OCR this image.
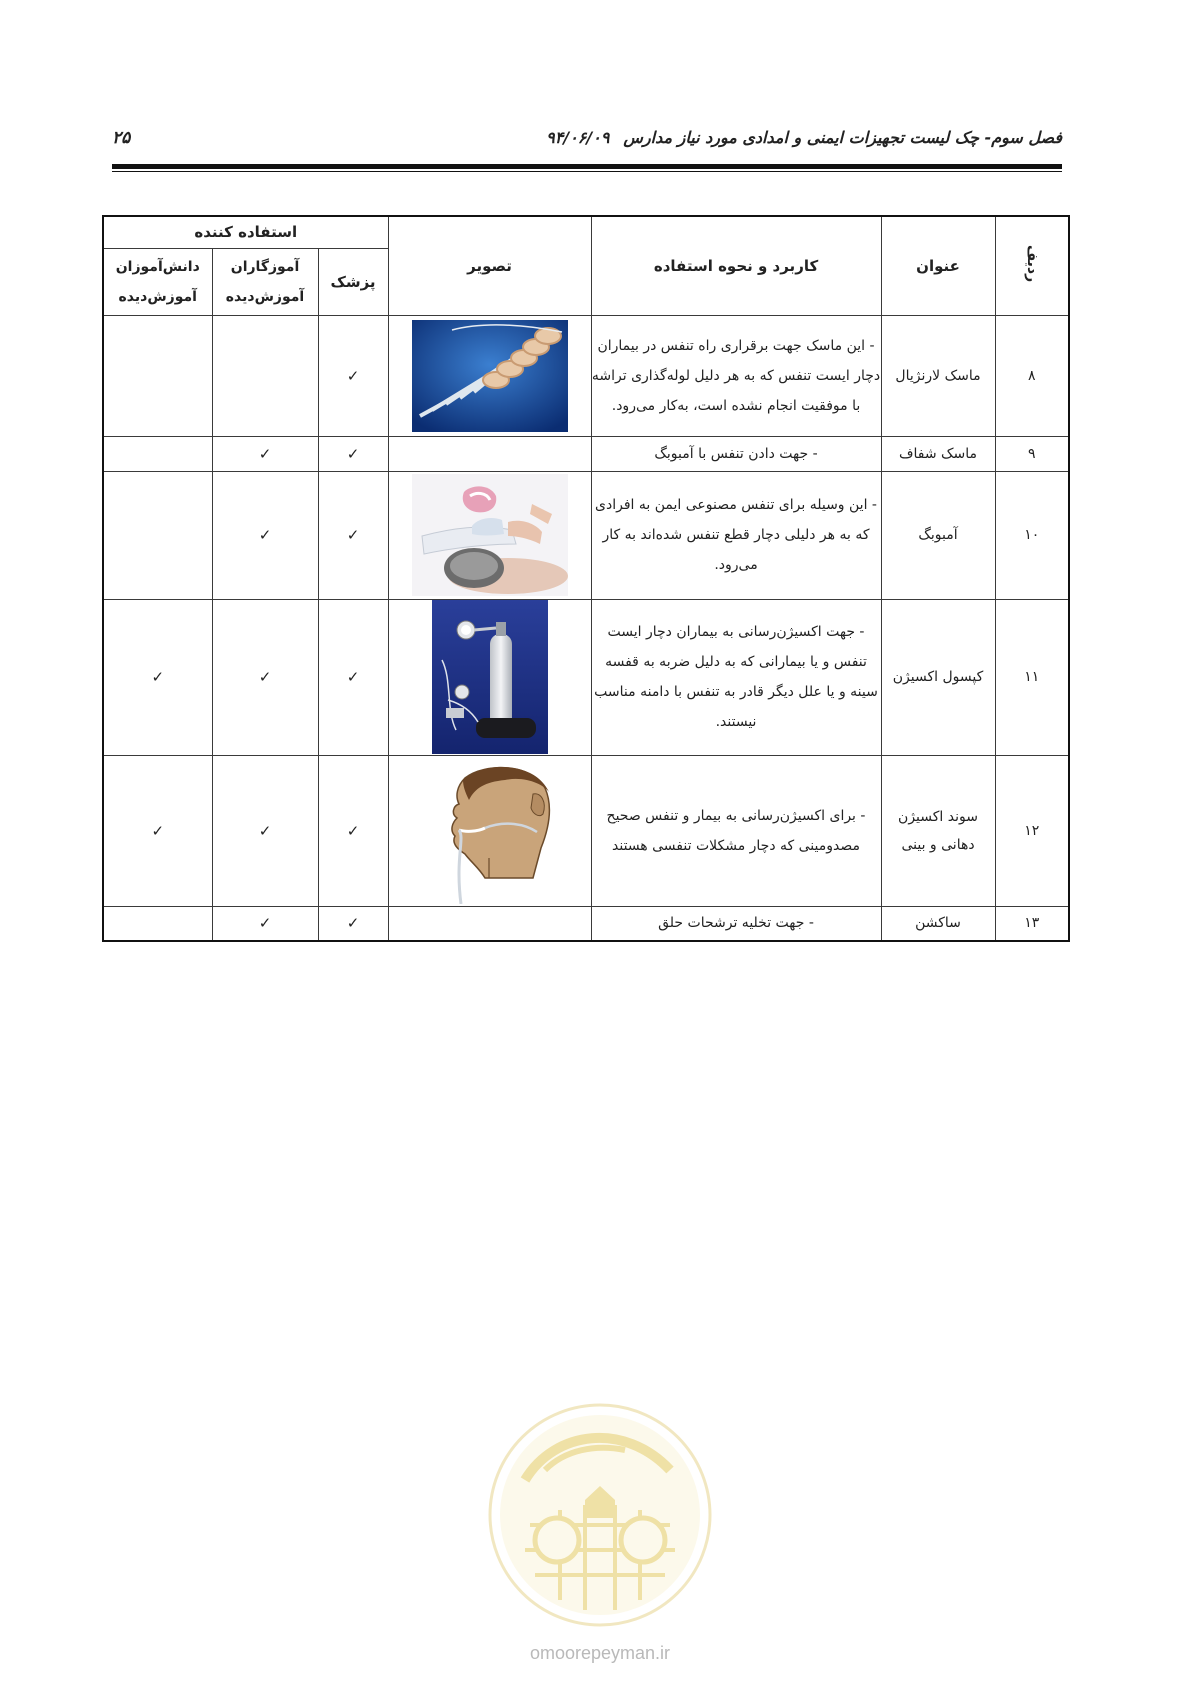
فصل سوم- چک لیست تجهیزات ایمنی و امدادی مورد نیاز مدارس۹۴/۰۶/۰۹
۲۵
ردیف	عنوان	کاربرد و نحوه استفاده	تصویر	استفاده کننده		
				پزشک	آموزگاران آموزش‌دیده	دانش‌آموزان آموزش‌دیده
۸	ماسک لارنژیال	- این ماسک جهت برقراری راه تنفس در بیماران دچار ایست تنفس که به هر دلیل لوله‌گذاری تراشه با موفقیت انجام نشده است، به‌کار می‌رود.		✓		
۹	ماسک شفاف	- جهت دادن تنفس با آمبوبگ		✓	✓	
۱۰	آمبوبگ	- این وسیله برای تنفس مصنوعی ایمن به افرادی که به هر دلیلی دچار قطع تنفس شده‌اند به کار می‌رود.		✓	✓	
۱۱	کپسول اکسیژن	- جهت اکسیژن‌رسانی به بیماران دچار ایست تنفس و یا بیمارانی که به دلیل ضربه به قفسه سینه و یا علل دیگر قادر به تنفس با دامنه مناسب نیستند.		✓	✓	✓
۱۲	سوند اکسیژن دهانی و بینی	- برای اکسیژن‌رسانی به بیمار و تنفس صحیح مصدومینی که دچار مشکلات تنفسی هستند		✓	✓	✓
۱۳	ساکشن	- جهت تخلیه ترشحات حلق		✓	✓	
omoorepeyman.ir
